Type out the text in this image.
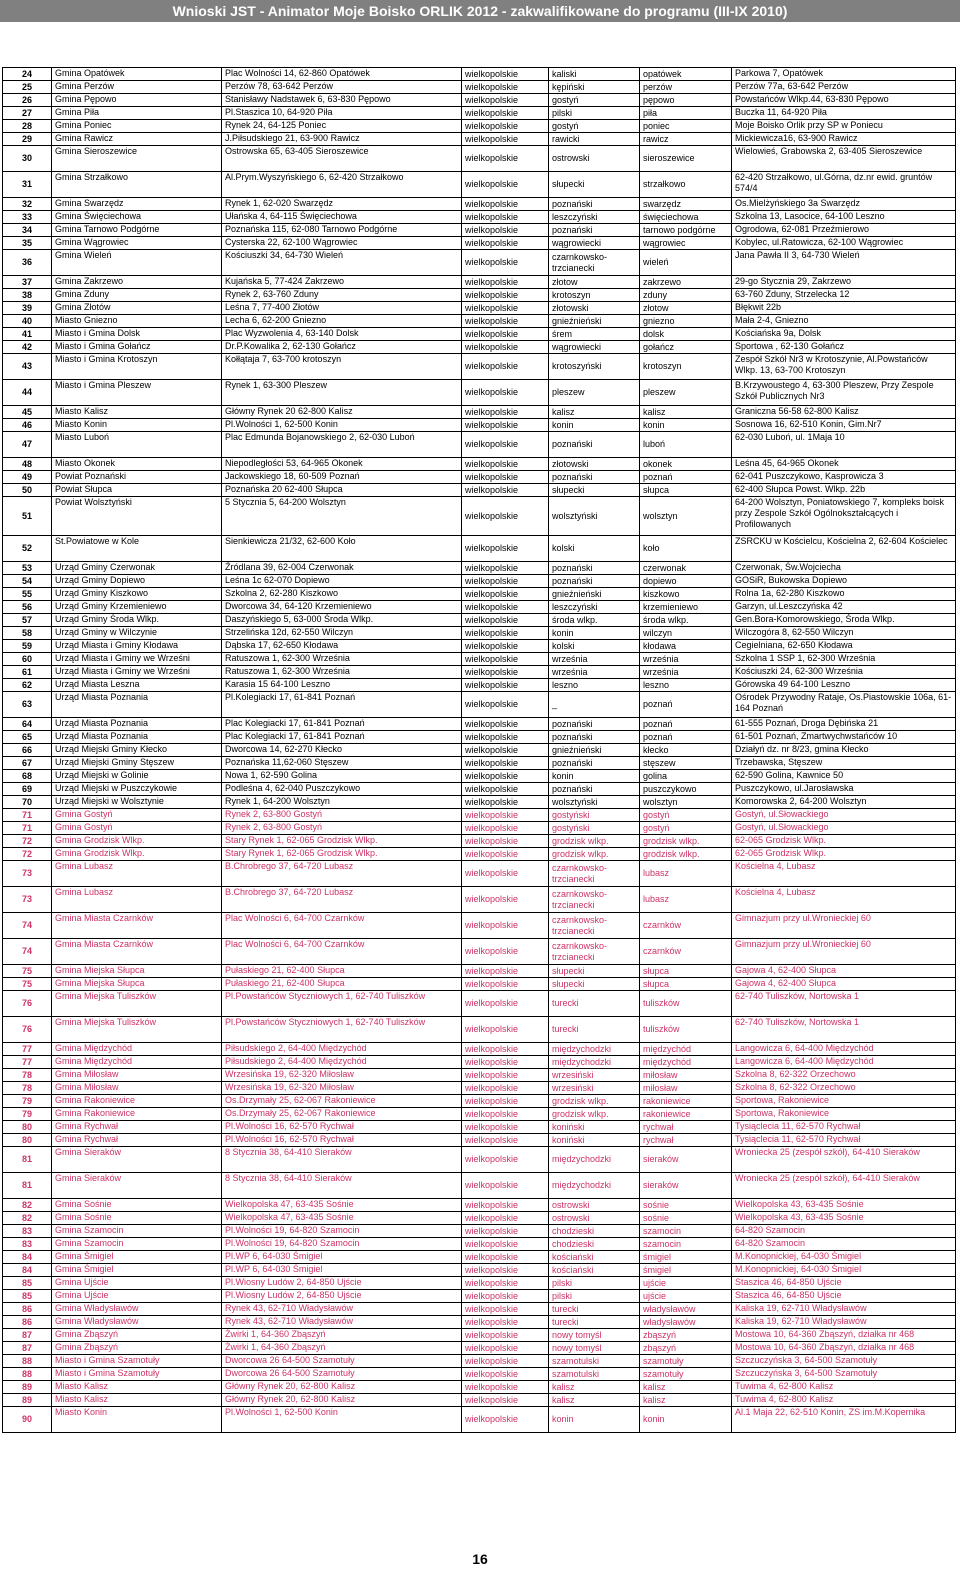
Wnioski JST - Animator Moje Boisko ORLIK 2012 - zakwalifikowane do programu (III-IX 2010)
24	Gmina Opatówek	Plac Wolności 14, 62-860 Opatówek	wielkopolskie	kaliski	opatówek	Parkowa 7, Opatówek
25	Gmina Perzów	Perzów 78, 63-642 Perzów	wielkopolskie	kępiński	perzów	Perzów 77a, 63-642 Perzów
26	Gmina Pępowo	Stanisławy Nadstawek 6, 63-830 Pępowo	wielkopolskie	gostyń	pępowo	Powstańców Wlkp.44, 63-830 Pępowo
27	Gmina Piła	Pl.Staszica 10, 64-920 Piła	wielkopolskie	pilski	piła	Buczka 11, 64-920 Piła
28	Gmina Poniec	Rynek 24, 64-125 Poniec	wielkopolskie	gostyń	poniec	Moje Boisko Orlik przy SP w Poniecu
29	Gmina Rawicz	J.Piłsudskiego 21, 63-900 Rawicz	wielkopolskie	rawicki	rawicz	Mickiewicza16, 63-900 Rawicz
30	Gmina Sieroszewice	Ostrowska 65, 63-405 Sieroszewice	wielkopolskie	ostrowski	sieroszewice	Wielowieś, Grabowska 2, 63-405 Sieroszewice
31	Gmina Strzałkowo	Al.Prym.Wyszyńskiego 6, 62-420 Strzałkowo	wielkopolskie	słupecki	strzałkowo	62-420 Strzałkowo, ul.Górna, dz.nr ewid. gruntów 574/4
32	Gmina Swarzędz	Rynek 1, 62-020 Swarzędz	wielkopolskie	poznański	swarzędz	Os.Mielżyńskiego 3a Swarzędz
33	Gmina Święciechowa	Ułańska 4, 64-115 Święciechowa	wielkopolskie	leszczyński	święciechowa	Szkolna 13, Lasocice, 64-100 Leszno
34	Gmina Tarnowo Podgórne	Poznańska 115, 62-080 Tarnowo Podgórne	wielkopolskie	poznański	tarnowo podgórne	Ogrodowa, 62-081 Przeźmierowo
35	Gmina Wągrowiec	Cysterska 22, 62-100 Wągrowiec	wielkopolskie	wągrowiecki	wągrowiec	Kobylec, ul.Ratowicza, 62-100 Wągrowiec
36	Gmina Wieleń	Kościuszki 34, 64-730 Wieleń	wielkopolskie	czarnkowsko-trzcianecki	wieleń	Jana Pawła II 3, 64-730 Wieleń
37	Gmina Zakrzewo	Kujańska 5, 77-424 Zakrzewo	wielkopolskie	złotow	zakrzewo	29-go Stycznia 29, Zakrzewo
38	Gmina Zduny	Rynek 2, 63-760 Zduny	wielkopolskie	krotoszyn	zduny	63-760 Zduny, Strzelecka 12
39	Gmina Złotów	Leśna 7, 77-400 Złotów	wielkopolskie	złotowski	złotow	Błękwit 22b
40	Miasto Gniezno	Lecha 6, 62-200 Gniezno	wielkopolskie	gnieźnieński	gniezno	Mała 2-4, Gniezno
41	Miasto i Gmina Dolsk	Plac Wyzwolenia 4, 63-140 Dolsk	wielkopolskie	śrem	dolsk	Kościańska 9a, Dolsk
42	Miasto i Gmina Gołańcz	Dr.P.Kowalika 2, 62-130 Gołańcz	wielkopolskie	wągrowiecki	gołańcz	Sportowa , 62-130 Gołańcz
43	Miasto i Gmina Krotoszyn	Kołłątaja 7, 63-700 krotoszyn	wielkopolskie	krotoszyński	krotoszyn	Zespół Szkół Nr3 w Krotoszynie, Al.Powstańców Wlkp. 13, 63-700 Krotoszyn
44	Miasto i Gmina Pleszew	Rynek 1, 63-300 Pleszew	wielkopolskie	pleszew	pleszew	B.Krzywoustego 4, 63-300 Pleszew, Przy Zespole Szkół Publicznych Nr3
45	Miasto Kalisz	Główny Rynek 20 62-800 Kalisz	wielkopolskie	kalisz	kalisz	Graniczna 56-58 62-800 Kalisz
46	Miasto Konin	Pl.Wolności 1, 62-500 Konin	wielkopolskie	konin	konin	Sosnowa 16, 62-510 Konin, Gim.Nr7
47	Miasto Luboń	Plac Edmunda Bojanowskiego 2, 62-030 Luboń	wielkopolskie	poznański	luboń	62-030 Luboń, ul. 1Maja 10
48	Miasto Okonek	Niepodległości 53, 64-965 Okonek	wielkopolskie	złotowski	okonek	Leśna 45, 64-965 Okonek
49	Powiat Poznański	Jackowskiego 18, 60-509 Poznań	wielkopolskie	poznański	poznań	62-041 Puszczykowo, Kasprowicza 3
50	Powiat Słupca	Poznańska 20 62-400 Słupca	wielkopolskie	słupecki	słupca	62-400 Słupca Powst. Wlkp. 22b
51	Powiat Wolsztyński	5 Stycznia 5, 64-200 Wolsztyn	wielkopolskie	wolsztyński	wolsztyn	64-200 Wolsztyn, Poniatowskiego 7, kompleks boisk przy Zespole Szkół Ogólnokształcących i Profilowanych
52	St.Powiatowe w Kole	Sienkiewicza 21/32, 62-600 Koło	wielkopolskie	kolski	koło	ZSRCKU w Kościelcu, Kościelna 2, 62-604 Kościelec
53	Urząd Gminy Czerwonak	Źródlana 39, 62-004 Czerwonak	wielkopolskie	poznański	czerwonak	Czerwonak, Św.Wojciecha
54	Urząd Gminy Dopiewo	Leśna 1c 62-070 Dopiewo	wielkopolskie	poznański	dopiewo	GOSiR, Bukowska Dopiewo
55	Urząd Gminy Kiszkowo	Szkolna 2, 62-280 Kiszkowo	wielkopolskie	gnieźnieński	kiszkowo	Rolna 1a, 62-280 Kiszkowo
56	Urząd Gminy Krzemieniewo	Dworcowa 34, 64-120 Krzemieniewo	wielkopolskie	leszczyński	krzemieniewo	Garzyn, ul.Leszczyńska 42
57	Urząd Gminy Środa Wlkp.	Daszyńskiego 5, 63-000 Środa Wlkp.	wielkopolskie	środa wlkp.	środa wlkp.	Gen.Bora-Komorowskiego, Środa Wlkp.
58	Urząd Gminy w Wilczynie	Strzelińska 12d, 62-550 Wilczyn	wielkopolskie	konin	wilczyn	Wilczogóra 8, 62-550 Wilczyn
59	Urząd Miasta i Gminy Kłodawa	Dąbska 17, 62-650 Kłodawa	wielkopolskie	kolski	kłodawa	Cegielniana, 62-650 Kłodawa
60	Urząd Miasta i Gminy we Wrześni	Ratuszowa 1, 62-300 Września	wielkopolskie	września	września	Szkolna 1 SSP 1, 62-300 Września
61	Urząd Miasta i Gminy we Wrześni	Ratuszowa 1, 62-300 Września	wielkopolskie	września	września	Kościuszki 24, 62-300 Września
62	Urząd Miasta Leszna	Karasia 15 64-100 Leszno	wielkopolskie	leszno	leszno	Górowska 49 64-100 Leszno
63	Urząd Miasta Poznania	Pl.Kolegiacki 17, 61-841 Poznań	wielkopolskie	_	poznań	Ośrodek Przywodny Rataje, Os.Piastowskie 106a, 61-164 Poznań
64	Urząd Miasta Poznania	Plac Kolegiacki 17, 61-841 Poznań	wielkopolskie	poznański	poznań	61-555 Poznań, Droga Dębińska 21
65	Urząd Miasta Poznania	Plac Kolegiacki 17, 61-841 Poznań	wielkopolskie	poznański	poznań	61-501 Poznań, Zmartwychwstańców 10
66	Urząd Miejski Gminy Kłecko	Dworcowa 14, 62-270 Kłecko	wielkopolskie	gnieźnieński	kłecko	Działyń dz. nr 8/23, gmina Kłecko
67	Urząd Miejski Gminy Stęszew	Poznańska 11,62-060 Stęszew	wielkopolskie	poznański	stęszew	Trzebawska, Stęszew
68	Urząd Miejski w Golinie	Nowa 1, 62-590 Golina	wielkopolskie	konin	golina	62-590 Golina, Kawnice 50
69	Urząd Miejski w Puszczykowie	Podleśna 4, 62-040 Puszczykowo	wielkopolskie	poznański	puszczykowo	Puszczykowo, ul.Jarosławska
70	Urząd Miejski w Wolsztynie	Rynek 1, 64-200 Wolsztyn	wielkopolskie	wolsztyński	wolsztyn	Komorowska 2, 64-200 Wolsztyn
71	Gmina Gostyń	Rynek 2, 63-800 Gostyń	wielkopolskie	gostyński	gostyń	Gostyń, ul.Słowackiego
71	Gmina Gostyń	Rynek 2, 63-800 Gostyń	wielkopolskie	gostyński	gostyń	Gostyń, ul.Słowackiego
72	Gmina Grodzisk Wlkp.	Stary Rynek 1, 62-065 Grodzisk Wlkp.	wielkopolskie	grodzisk wlkp.	grodzisk wlkp.	62-065 Grodzisk Wlkp.
72	Gmina Grodzisk Wlkp.	Stary Rynek 1, 62-065 Grodzisk Wlkp.	wielkopolskie	grodzisk wlkp.	grodzisk wlkp.	62-065 Grodzisk Wlkp.
73	Gmina Lubasz	B.Chrobrego 37, 64-720 Lubasz	wielkopolskie	czarnkowsko-trzcianecki	lubasz	Kościelna 4, Lubasz
73	Gmina Lubasz	B.Chrobrego 37, 64-720 Lubasz	wielkopolskie	czarnkowsko-trzcianecki	lubasz	Kościelna 4, Lubasz
74	Gmina Miasta Czarnków	Plac Wolności 6, 64-700 Czarnków	wielkopolskie	czarnkowsko-trzcianecki	czarnków	Gimnazjum przy ul.Wronieckiej 60
74	Gmina Miasta Czarnków	Plac Wolności 6, 64-700 Czarnków	wielkopolskie	czarnkowsko-trzcianecki	czarnków	Gimnazjum przy ul.Wronieckiej 60
75	Gmina Miejska Słupca	Pułaskiego 21, 62-400 Słupca	wielkopolskie	słupecki	słupca	Gajowa 4, 62-400 Słupca
75	Gmina Miejska Słupca	Pułaskiego 21, 62-400 Słupca	wielkopolskie	słupecki	słupca	Gajowa 4, 62-400 Słupca
76	Gmina Miejska Tuliszków	Pl.Powstańców Styczniowych 1, 62-740 Tuliszków	wielkopolskie	turecki	tuliszków	62-740 Tuliszków, Nortowska 1
76	Gmina Miejska Tuliszków	Pl.Powstańców Styczniowych 1, 62-740 Tuliszków	wielkopolskie	turecki	tuliszków	62-740 Tuliszków, Nortowska 1
77	Gmina Międzychód	Piłsudskiego 2, 64-400 Międzychód	wielkopolskie	międzychodzki	międzychód	Langowicza 6, 64-400 Międzychód
77	Gmina Międzychód	Piłsudskiego 2, 64-400 Międzychód	wielkopolskie	międzychodzki	międzychód	Langowicza 6, 64-400 Międzychód
78	Gmina Miłosław	Wrzesińska 19, 62-320 Miłosław	wielkopolskie	wrzesiński	miłosław	Szkolna 8, 62-322 Orzechowo
78	Gmina Miłosław	Wrzesińska 19, 62-320 Miłosław	wielkopolskie	wrzesiński	miłosław	Szkolna 8, 62-322 Orzechowo
79	Gmina Rakoniewice	Os.Drzymały 25, 62-067 Rakoniewice	wielkopolskie	grodzisk wlkp.	rakoniewice	Sportowa, Rakoniewice
79	Gmina Rakoniewice	Os.Drzymały 25, 62-067 Rakoniewice	wielkopolskie	grodzisk wlkp.	rakoniewice	Sportowa, Rakoniewice
80	Gmina Rychwał	Pl.Wolności 16, 62-570 Rychwał	wielkopolskie	koniński	rychwał	Tysiąclecia 11, 62-570 Rychwał
80	Gmina Rychwał	Pl.Wolności 16, 62-570 Rychwał	wielkopolskie	koniński	rychwał	Tysiąclecia 11, 62-570 Rychwał
81	Gmina Sieraków	8 Stycznia 38, 64-410 Sieraków	wielkopolskie	międzychodzki	sieraków	Wroniecka 25 (zespół szkół), 64-410 Sieraków
81	Gmina Sieraków	8 Stycznia 38, 64-410 Sieraków	wielkopolskie	międzychodzki	sieraków	Wroniecka 25 (zespół szkół), 64-410 Sieraków
82	Gmina Sośnie	Wielkopolska 47, 63-435 Sośnie	wielkopolskie	ostrowski	sośnie	Wielkopolska 43, 63-435 Sośnie
82	Gmina Sośnie	Wielkopolska 47, 63-435 Sośnie	wielkopolskie	ostrowski	sośnie	Wielkopolska 43, 63-435 Sośnie
83	Gmina Szamocin	Pl.Wolności 19, 64-820 Szamocin	wielkopolskie	chodzieski	szamocin	64-820 Szamocin
83	Gmina Szamocin	Pl.Wolności 19, 64-820 Szamocin	wielkopolskie	chodzieski	szamocin	64-820 Szamocin
84	Gmina Śmigiel	Pl.WP 6, 64-030 Śmigiel	wielkopolskie	kościański	śmigiel	M.Konopnickiej, 64-030 Śmigiel
84	Gmina Śmigiel	Pl.WP 6, 64-030 Śmigiel	wielkopolskie	kościański	śmigiel	M.Konopnickiej, 64-030 Śmigiel
85	Gmina Ujście	Pl.Wiosny Ludów 2, 64-850 Ujście	wielkopolskie	pilski	ujście	Staszica 46, 64-850 Ujście
85	Gmina Ujście	Pl.Wiosny Ludów 2, 64-850 Ujście	wielkopolskie	pilski	ujście	Staszica 46, 64-850 Ujście
86	Gmina Władysławów	Rynek 43, 62-710 Władysławów	wielkopolskie	turecki	władysławów	Kaliska 19, 62-710 Władysławów
86	Gmina Władysławów	Rynek 43, 62-710 Władysławów	wielkopolskie	turecki	władysławów	Kaliska 19, 62-710 Władysławów
87	Gmina Zbąszyń	Żwirki 1, 64-360 Zbąszyń	wielkopolskie	nowy tomyśl	zbąszyń	Mostowa 10, 64-360 Zbąszyń, działka nr 468
87	Gmina Zbąszyń	Żwirki 1, 64-360 Zbąszyń	wielkopolskie	nowy tomyśl	zbąszyń	Mostowa 10, 64-360 Zbąszyń, działka nr 468
88	Miasto i Gmina Szamotuły	Dworcowa 26 64-500 Szamotuły	wielkopolskie	szamotulski	szamotuły	Szczuczyńska 3, 64-500 Szamotuły
88	Miasto i Gmina Szamotuły	Dworcowa 26 64-500 Szamotuły	wielkopolskie	szamotulski	szamotuły	Szczuczyńska 3, 64-500 Szamotuły
89	Miasto Kalisz	Główny Rynek 20, 62-800 Kalisz	wielkopolskie	kalisz	kalisz	Tuwima 4, 62-800 Kalisz
89	Miasto Kalisz	Główny Rynek 20, 62-800 Kalisz	wielkopolskie	kalisz	kalisz	Tuwima 4, 62-800 Kalisz
90	Miasto Konin	Pl.Wolności 1, 62-500 Konin	wielkopolskie	konin	konin	Al.1 Maja 22, 62-510 Konin, ZS im.M.Kopernika
16
